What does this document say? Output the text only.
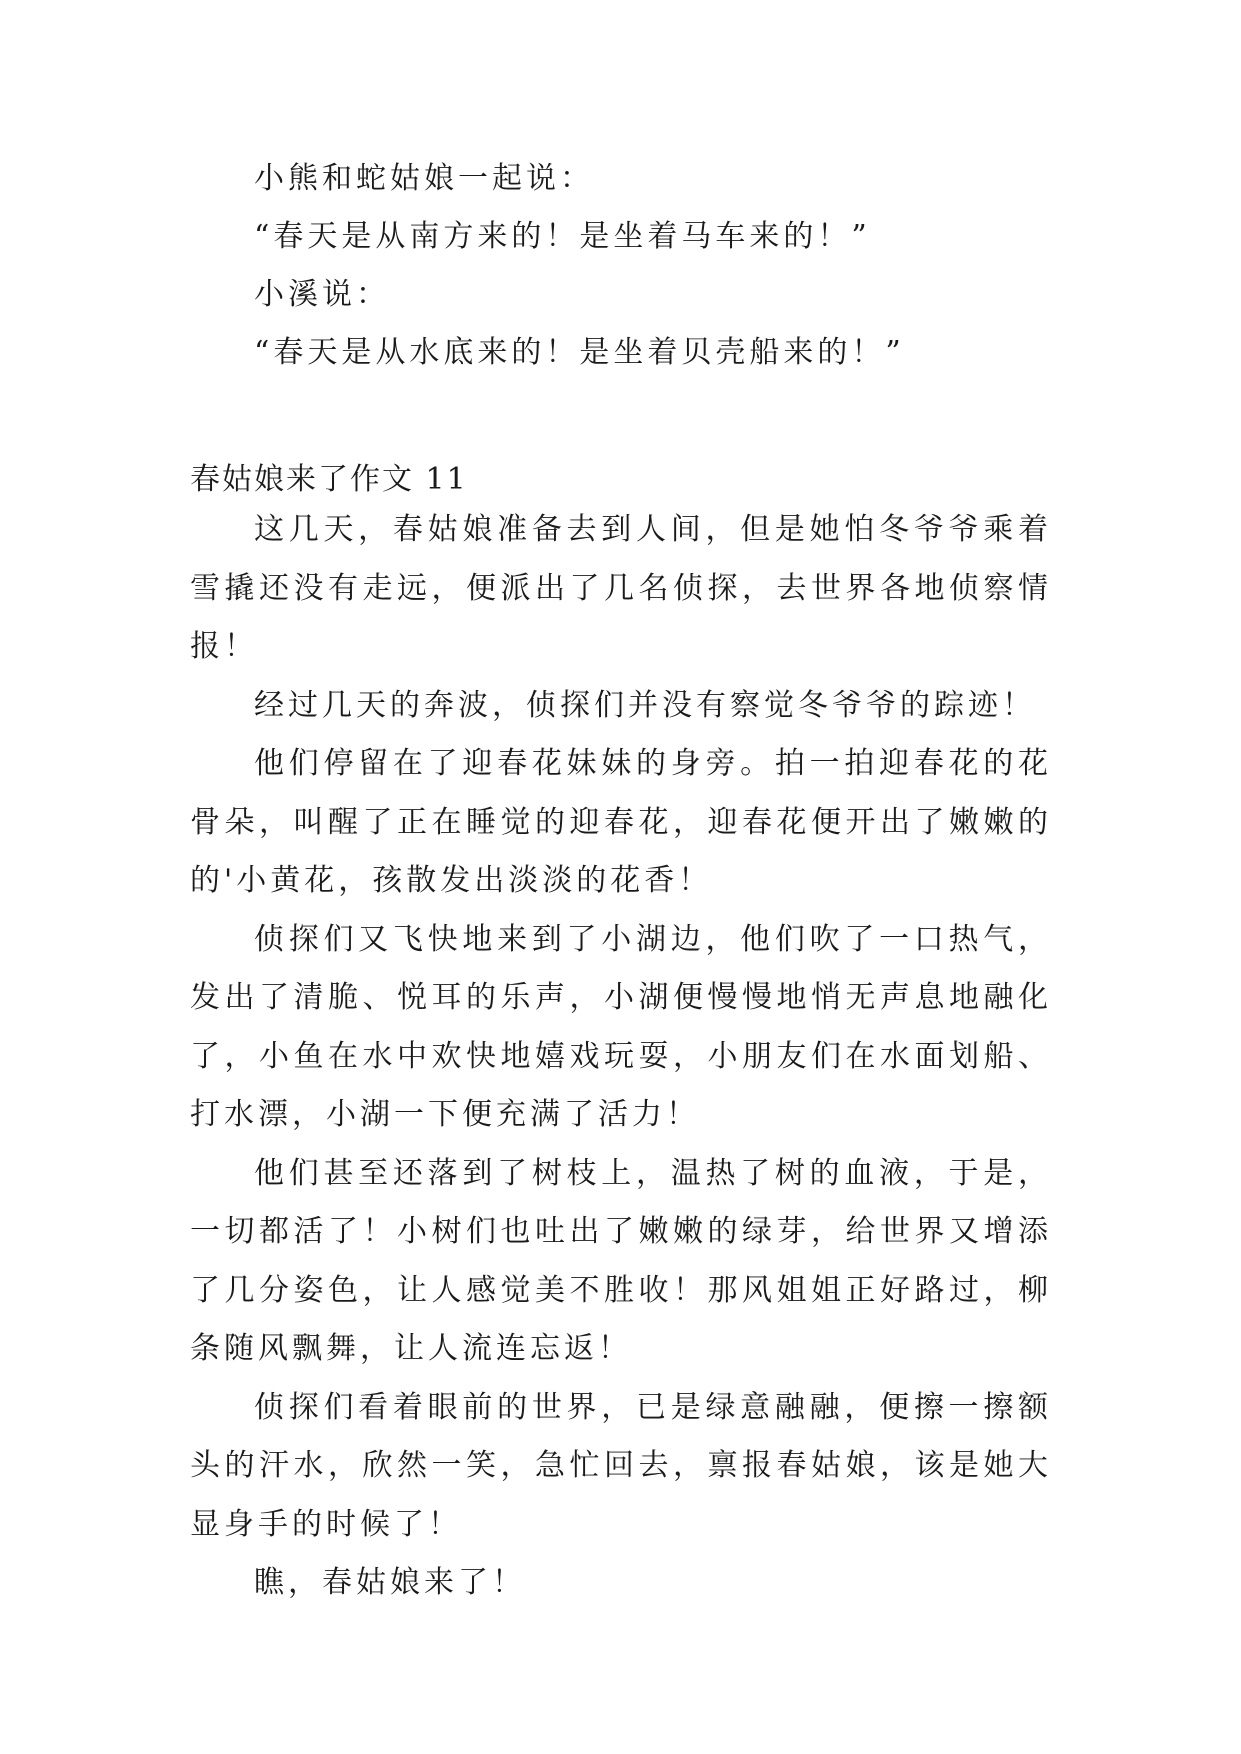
小熊和蛇姑娘一起说：

“春天是从南方来的！是坐着马车来的！”

小溪说：

“春天是从水底来的！是坐着贝壳船来的！”

春姑娘来了作文 11

这几天，春姑娘准备去到人间，但是她怕冬爷爷乘着雪撬还没有走远，便派出了几名侦探，去世界各地侦察情报！

经过几天的奔波，侦探们并没有察觉冬爷爷的踪迹！

他们停留在了迎春花妹妹的身旁。拍一拍迎春花的花骨朵，叫醒了正在睡觉的迎春花，迎春花便开出了嫩嫩的的'小黄花，孩散发出淡淡的花香！

侦探们又飞快地来到了小湖边，他们吹了一口热气，发出了清脆、悦耳的乐声，小湖便慢慢地悄无声息地融化了，小鱼在水中欢快地嬉戏玩耍，小朋友们在水面划船、打水漂，小湖一下便充满了活力！

他们甚至还落到了树枝上，温热了树的血液，于是，一切都活了！小树们也吐出了嫩嫩的绿芽，给世界又增添了几分姿色，让人感觉美不胜收！那风姐姐正好路过，柳条随风飘舞，让人流连忘返！

侦探们看着眼前的世界，已是绿意融融，便擦一擦额头的汗水，欣然一笑，急忙回去，禀报春姑娘，该是她大显身手的时候了！

瞧，春姑娘来了！
